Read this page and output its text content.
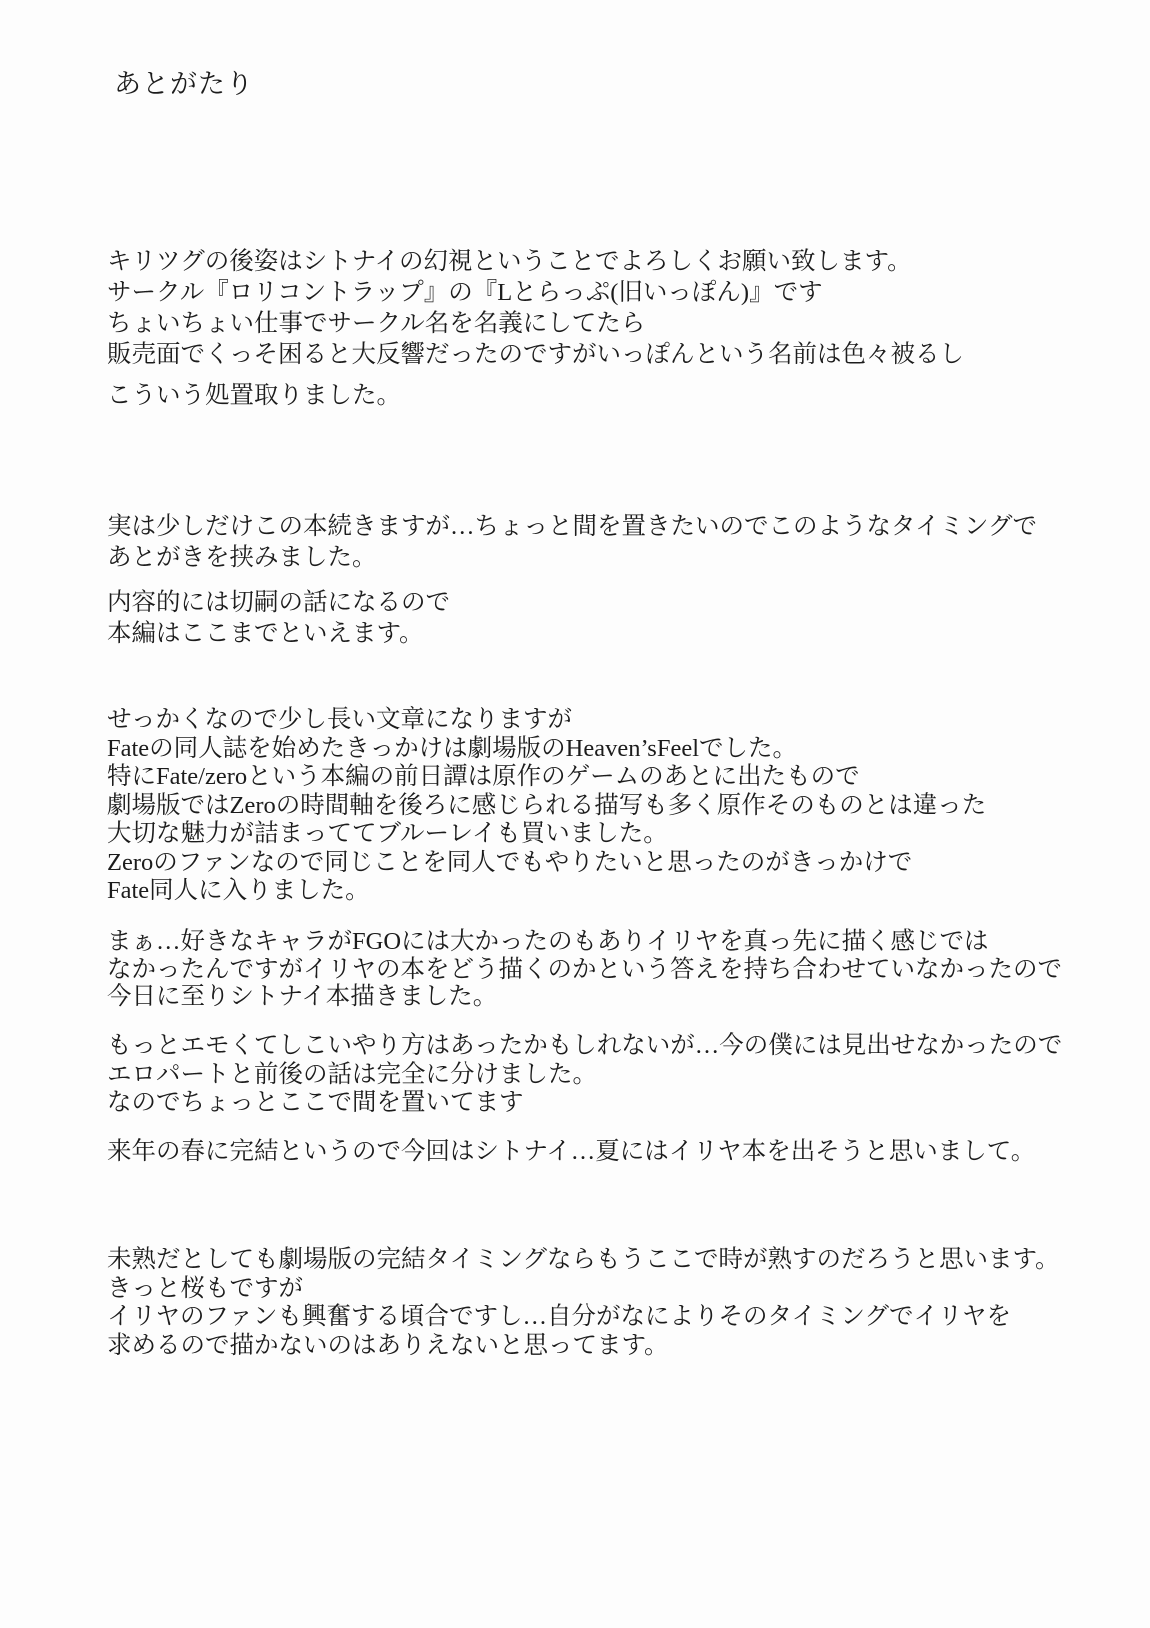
あとがたり
キリツグの後姿はシトナイの幻視ということでよろしくお願い致します。
サークル『ロリコントラップ』の『Lとらっぷ(旧いっぽん)』です
ちょいちょい仕事でサークル名を名義にしてたら
販売面でくっそ困ると大反響だったのですがいっぽんという名前は色々被るし
こういう処置取りました。
実は少しだけこの本続きますが…ちょっと間を置きたいのでこのようなタイミングで
あとがきを挟みました。
内容的には切嗣の話になるので
本編はここまでといえます。
せっかくなので少し長い文章になりますが
Fateの同人誌を始めたきっかけは劇場版のHeaven’sFeelでした。
特にFate/zeroという本編の前日譚は原作のゲームのあとに出たもので
劇場版ではZeroの時間軸を後ろに感じられる描写も多く原作そのものとは違った
大切な魅力が詰まっててブルーレイも買いました。
Zeroのファンなので同じことを同人でもやりたいと思ったのがきっかけで
Fate同人に入りました。
まぁ…好きなキャラがFGOには大かったのもありイリヤを真っ先に描く感じでは
なかったんですがイリヤの本をどう描くのかという答えを持ち合わせていなかったので
今日に至りシトナイ本描きました。
もっとエモくてしこいやり方はあったかもしれないが…今の僕には見出せなかったので
エロパートと前後の話は完全に分けました。
なのでちょっとここで間を置いてます
来年の春に完結というので今回はシトナイ…夏にはイリヤ本を出そうと思いまして。
未熟だとしても劇場版の完結タイミングならもうここで時が熟すのだろうと思います。
きっと桜もですが
イリヤのファンも興奮する頃合ですし…自分がなによりそのタイミングでイリヤを
求めるので描かないのはありえないと思ってます。
